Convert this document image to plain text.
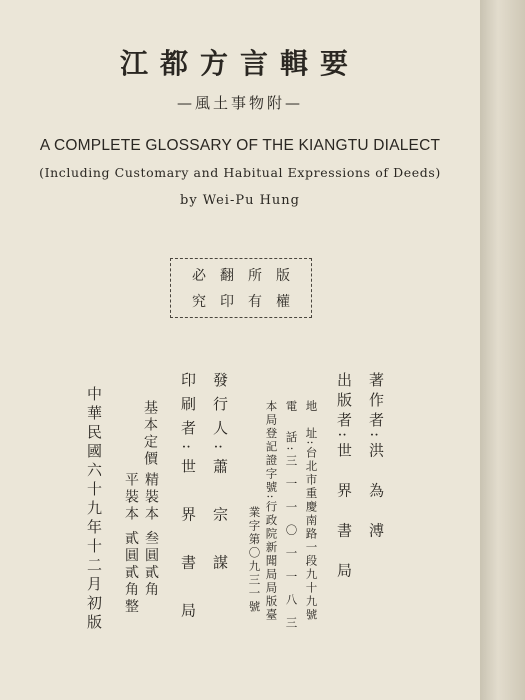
江都方言輯要
—風土事物附—
A COMPLETE GLOSSARY OF THE KIANGTU DIALECT
(Including Customary and Habitual Expressions of Deeds)
by Wei-Pu Hung
必翻所版
究印有權
著作者:洪　為　溥
出版者:世　界　書　局
地　址:台北市重慶南路一段九十九號
電　話:三 一 一 〇 一 一 八 三
本局登記證字號:行政院新聞局局版臺
業字第〇九三一號
發行人:蕭　宗　謀
印刷者:世　界　書　局
基本定價
精裝本 叁圓貳角
平裝本 貳圓貳角整
中華民國六十九年十二月初版
